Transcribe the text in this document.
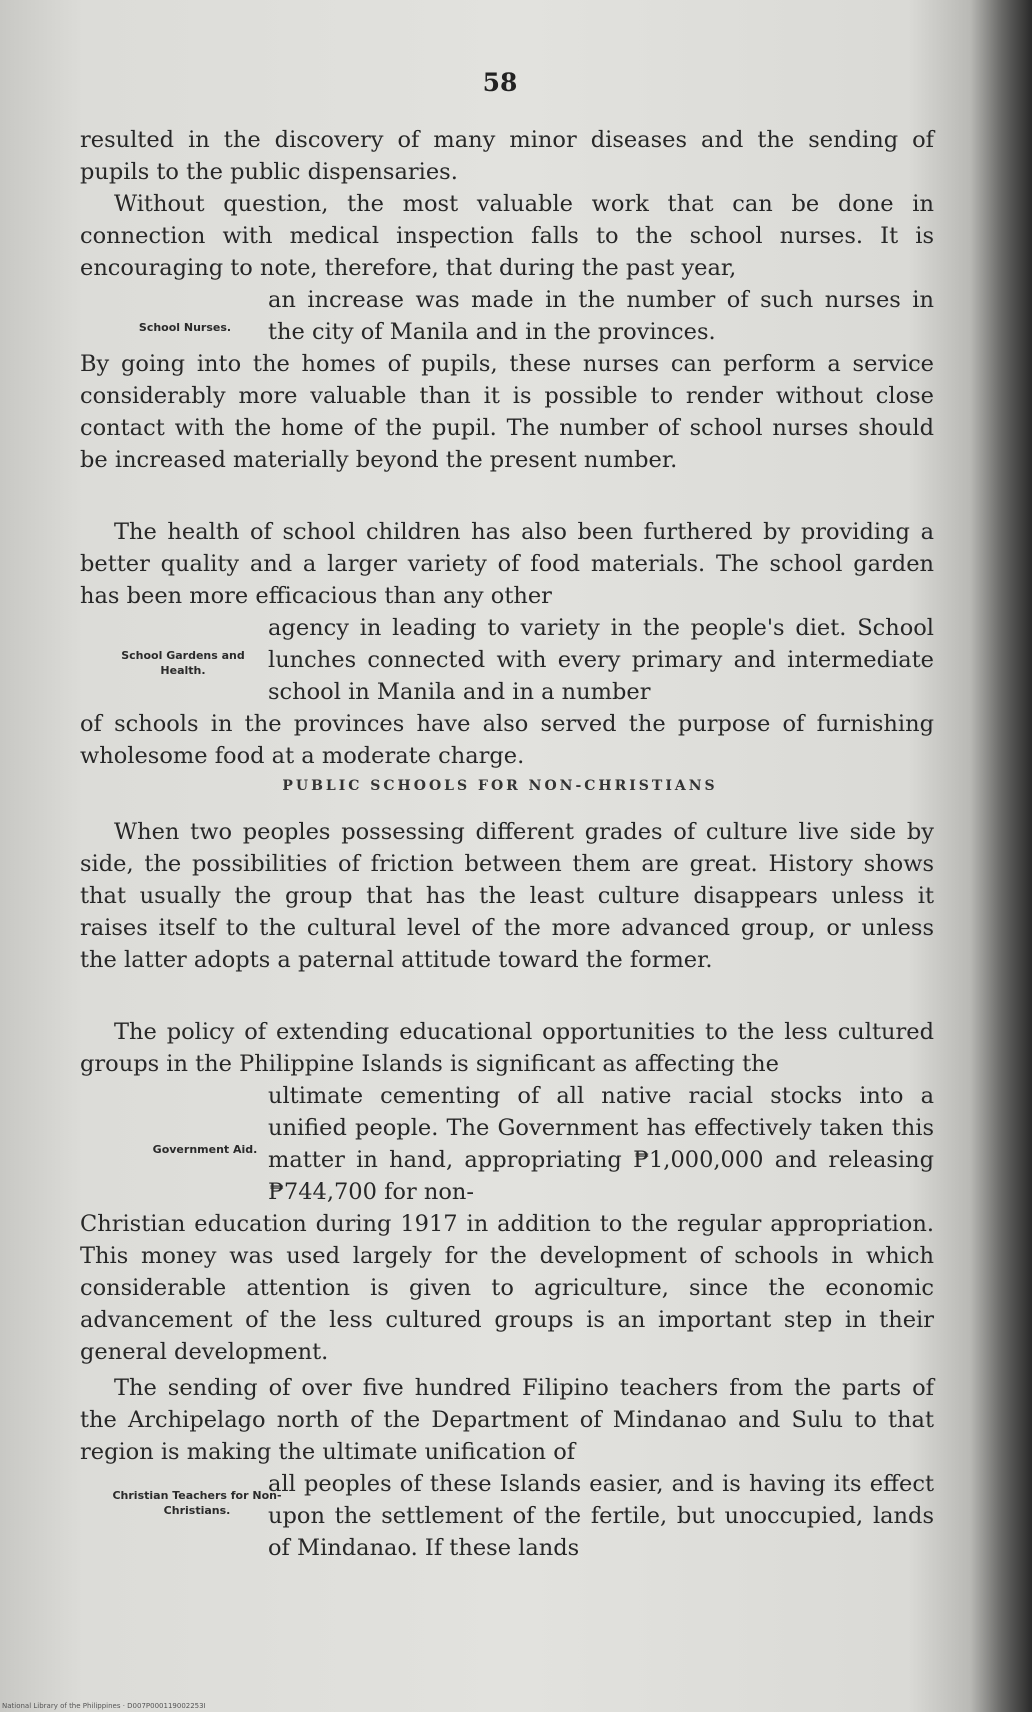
58

resulted in the discovery of many minor diseases and the sending of pupils to the public dispensaries.

Without question, the most valuable work that can be done in connection with medical inspection falls to the school nurses. It is encouraging to note, therefore, that during the past year,

an increase was made in the number of such nurses in the city of Manila and in the provinces.

School Nurses.

By going into the homes of pupils, these nurses can perform a service considerably more valuable than it is possible to render without close contact with the home of the pupil. The number of school nurses should be increased materially beyond the present number.

The health of school children has also been furthered by providing a better quality and a larger variety of food materials. The school garden has been more efficacious than any other

agency in leading to variety in the people's diet. School lunches connected with every primary and intermediate school in Manila and in a number

School Gardens and Health.

of schools in the provinces have also served the purpose of furnishing wholesome food at a moderate charge.

PUBLIC SCHOOLS FOR NON-CHRISTIANS

When two peoples possessing different grades of culture live side by side, the possibilities of friction between them are great. History shows that usually the group that has the least culture disappears unless it raises itself to the cultural level of the more advanced group, or unless the latter adopts a paternal attitude toward the former.

The policy of extending educational opportunities to the less cultured groups in the Philippine Islands is significant as affecting the

ultimate cementing of all native racial stocks into a unified people. The Government has effectively taken this matter in hand, appropriating ₱1,000,000 and releasing ₱744,700 for non-

Government Aid.

Christian education during 1917 in addition to the regular appropriation. This money was used largely for the development of schools in which considerable attention is given to agriculture, since the economic advancement of the less cultured groups is an important step in their general development.

The sending of over five hundred Filipino teachers from the parts of the Archipelago north of the Department of Mindanao and Sulu to that region is making the ultimate unification of

all peoples of these Islands easier, and is having its effect upon the settlement of the fertile, but unoccupied, lands of Mindanao. If these lands

Christian Teachers for Non-Christians.
National Library of the Philippines · D007P000119002253I
